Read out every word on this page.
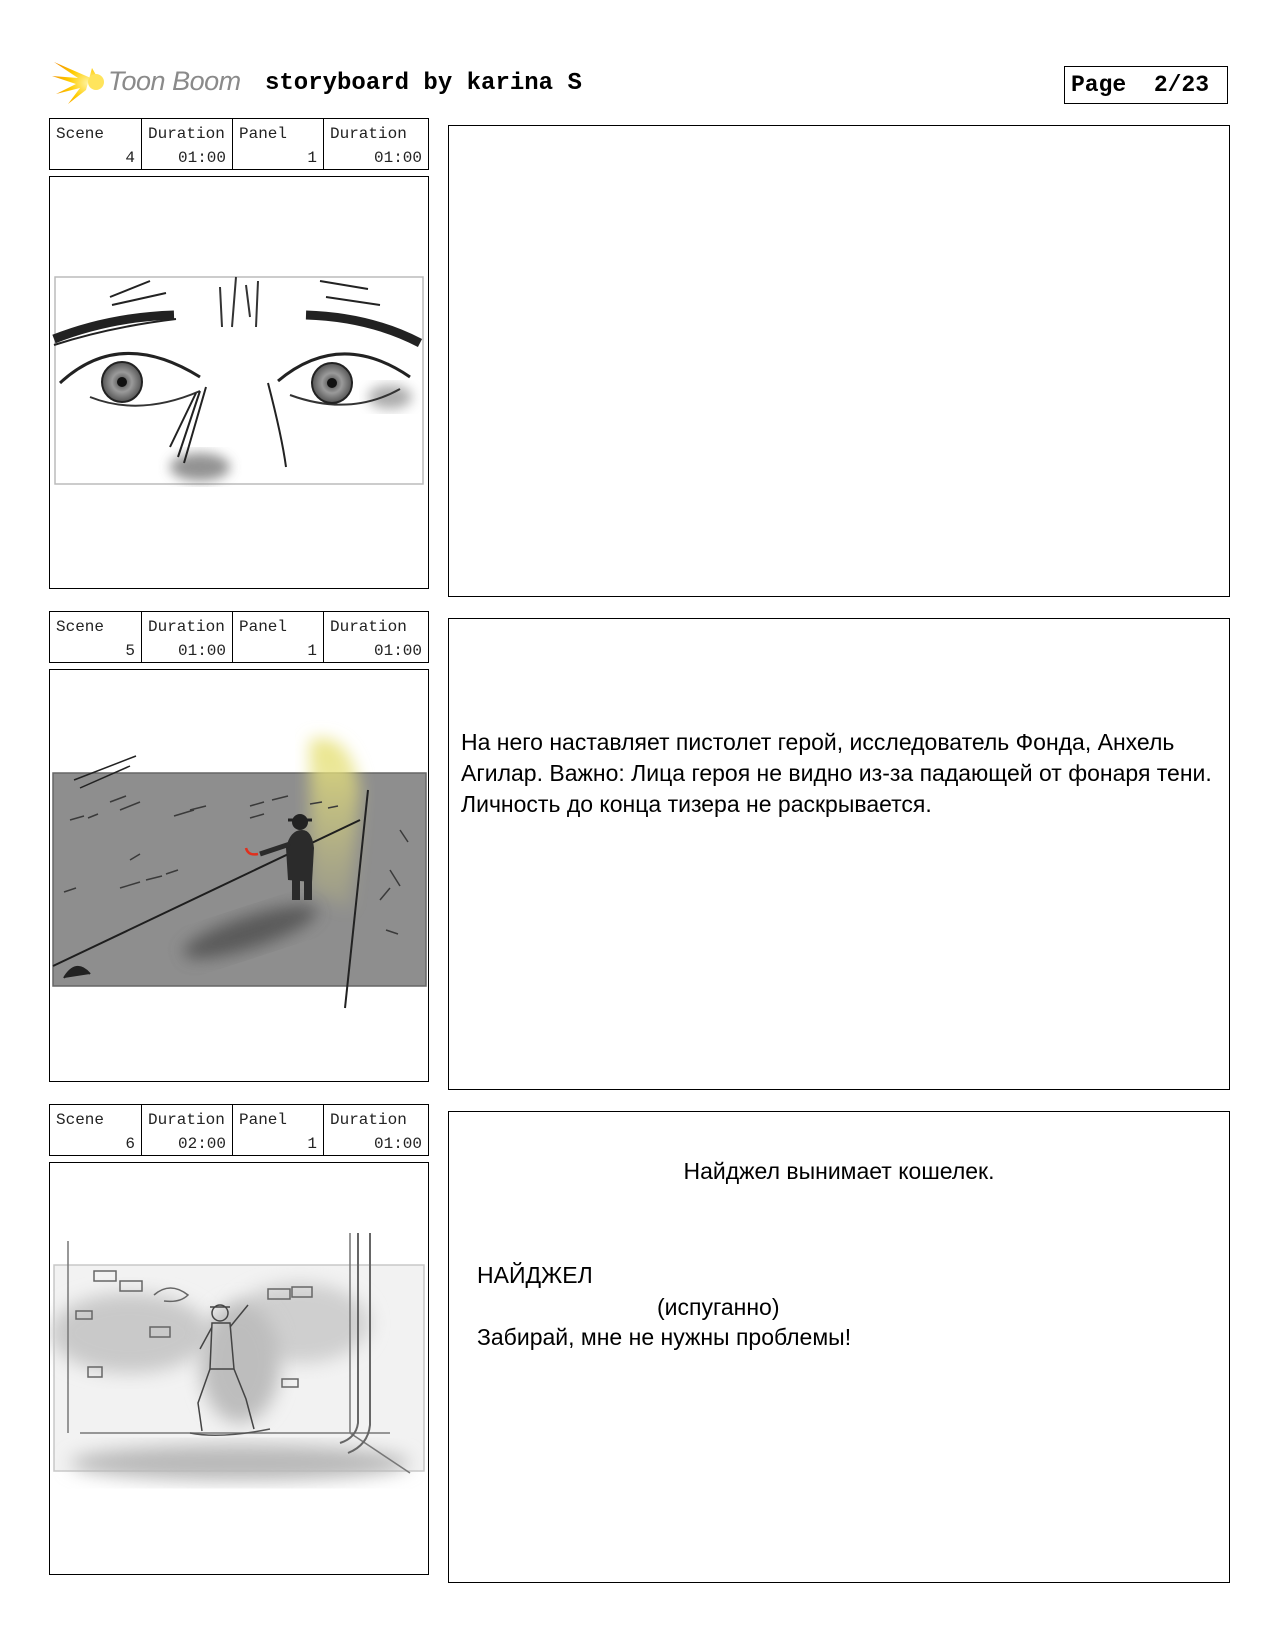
Toon Boom storyboard by karina S	Page  2/23
Scene
4
Duration
01:00
Panel
1
Duration
01:00
Scene
5
Duration
01:00
Panel
1
Duration
01:00
На него наставляет пистолет герой, исследователь Фонда, Анхель Агилар. Важно: Лица героя не видно из-за падающей от фонаря тени. Личность до конца тизера не раскрывается.
Scene
6
Duration
02:00
Panel
1
Duration
01:00
Найджел вынимает кошелек.
НАЙДЖЕЛ
(испуганно)
Забирай, мне не нужны проблемы!
